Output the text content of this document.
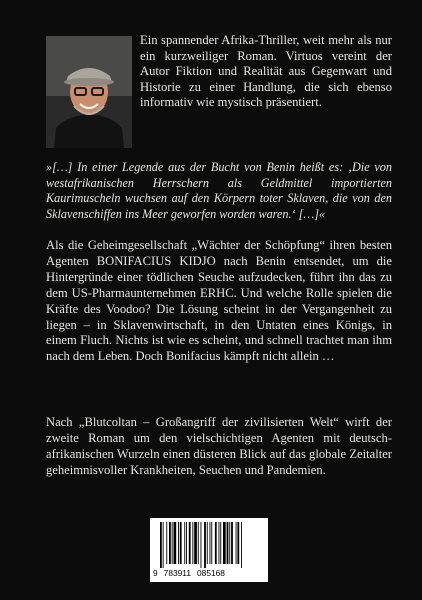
Ein spannender Afrika-Thriller, weit mehr als nur ein kurzweiliger Roman. Virtuos vereint der Autor Fiktion und Realität aus Gegenwart und Historie zu einer Handlung, die sich ebenso informativ wie mystisch präsentiert.
»[…] In einer Legende aus der Bucht von Benin heißt es: ‚Die von westafrikanischen Herrschern als Geldmittel importierten Kaurimuscheln wuchsen auf den Körpern toter Sklaven, die von den Sklavenschiffen ins Meer geworfen worden waren.‘ […]«
Als die Geheimgesellschaft „Wächter der Schöpfung“ ihren besten Agenten BONIFACIUS KIDJO nach Benin entsendet, um die Hintergründe einer tödlichen Seuche aufzudecken, führt ihn das zu dem US-Pharmaunternehmen ERHC. Und welche Rolle spielen die Kräfte des Voodoo? Die Lösung scheint in der Vergangenheit zu liegen – in Sklavenwirtschaft, in den Untaten eines Königs, in einem Fluch. Nichts ist wie es scheint, und schnell trachtet man ihm nach dem Leben. Doch Bonifacius kämpft nicht allein …
Nach „Blutcoltan – Großangriff der zivilisierten Welt“ wirft der zweite Roman um den vielschichtigen Agenten mit deutsch-afrikanischen Wurzeln einen düsteren Blick auf das globale Zeitalter geheimnisvoller Krankheiten, Seuchen und Pandemien.
9 783911 085168
